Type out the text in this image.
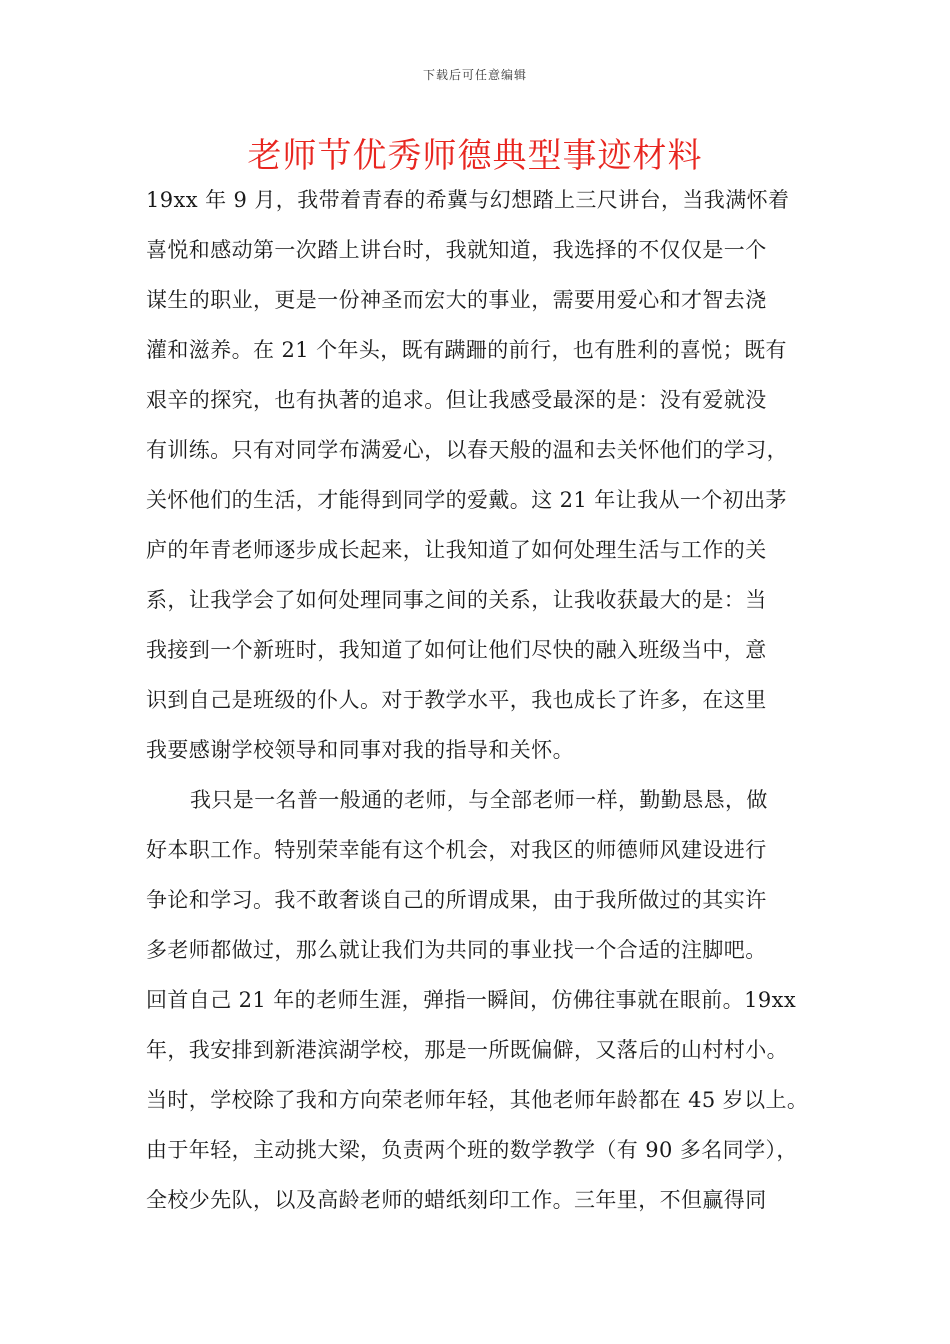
下载后可任意编辑
老师节优秀师德典型事迹材料
19xx 年 9 月，我带着青春的希冀与幻想踏上三尺讲台，当我满怀着
喜悦和感动第一次踏上讲台时，我就知道，我选择的不仅仅是一个
谋生的职业，更是一份神圣而宏大的事业，需要用爱心和才智去浇
灌和滋养。在 21 个年头，既有蹒跚的前行，也有胜利的喜悦；既有
艰辛的探究，也有执著的追求。但让我感受最深的是：没有爱就没
有训练。只有对同学布满爱心，以春天般的温和去关怀他们的学习，
关怀他们的生活，才能得到同学的爱戴。这 21 年让我从一个初出茅
庐的年青老师逐步成长起来，让我知道了如何处理生活与工作的关
系，让我学会了如何处理同事之间的关系，让我收获最大的是：当
我接到一个新班时，我知道了如何让他们尽快的融入班级当中，意
识到自己是班级的仆人。对于教学水平，我也成长了许多，在这里
我要感谢学校领导和同事对我的指导和关怀。
我只是一名普一般通的老师，与全部老师一样，勤勤恳恳，做
好本职工作。特别荣幸能有这个机会，对我区的师德师风建设进行
争论和学习。我不敢奢谈自己的所谓成果，由于我所做过的其实许
多老师都做过，那么就让我们为共同的事业找一个合适的注脚吧。
回首自己 21 年的老师生涯，弹指一瞬间，仿佛往事就在眼前。19xx
年，我安排到新港滨湖学校，那是一所既偏僻，又落后的山村村小。
当时，学校除了我和方向荣老师年轻，其他老师年龄都在 45 岁以上。
由于年轻，主动挑大梁，负责两个班的数学教学（有 90 多名同学），
全校少先队，以及高龄老师的蜡纸刻印工作。三年里，不但赢得同
